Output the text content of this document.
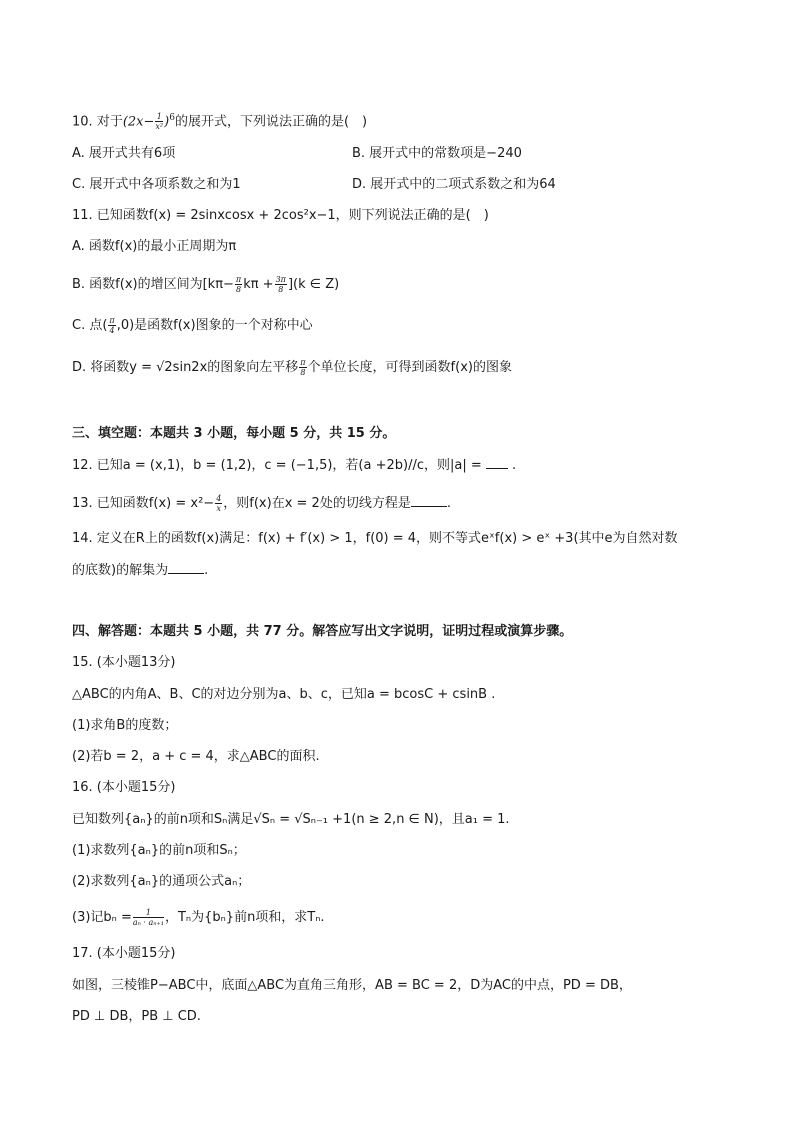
10. 对于$(2x- \frac{1}{\text{x²}} )^6$的展开式，下列说法正确的是(　)
A. 展开式共有6项	B. 展开式中的常数项是−240
C. 展开式中各项系数之和为1	D. 展开式中的二项式系数之和为64
11. 已知函数f(x) = 2sinxcosx + 2cos²x−1，则下列说法正确的是(　)
A. 函数f(x)的最小正周期为π
B. 函数f(x)的增区间为[$k\pi- \frac{\pi}{8}$ $k\pi + \frac{3\pi}{8} ](k$ ∈ Z)
C. 点( $\frac{\pi}{4} ,0$)是函数f(x)图象的一个对称中心
D. 将函数y = √2sin2x的图象向左平移 $\frac{\pi}{8}$ 个单位长度，可得到函数f(x)的图象
三、填空题：本题共 3 小题，每小题 5 分，共 15 分。
12. 已知a = (x,1)，b = (1,2)，c = (−1,5)，若(a +2b)//c，则|a| = .
13. 已知函数$f(x) = x^2- \frac{4}{x}$ ，则f(x)在x = 2处的切线方程是	.
14. 定义在R上的函数f(x)满足：f(x) + f′(x) > 1，f(0) = 4，则不等式eˣf(x) > eˣ +3(其中e为自然对数
的底数)的解集为	.
四、解答题：本题共 5 小题，共 77 分。解答应写出文字说明，证明过程或演算步骤。
15. (本小题13分)
△ABC的内角A、B、C的对边分别为a、b、c，已知a = bcosC + csinB .
(1)求角B的度数；
(2)若b = 2，a + c = 4，求△ABC的面积.
16. (本小题15分)
已知数列{aₙ}的前n项和Sₙ满足√Sₙ = √Sₙ₋₁ +1(n ≥ 2,n ∈ N)，且a₁ = 1.
(1)求数列{aₙ}的前n项和Sₙ；
(2)求数列{aₙ}的通项公式aₙ；
(3)记$b_n = \frac{1}{\text{aₙ · aₙ₊₁}}$ ，Tₙ为{bₙ}前n项和，求Tₙ.
17. (本小题15分)
如图，三棱锥P−ABC中，底面△ABC为直角三角形，AB = BC = 2，D为AC的中点，PD = DB，
PD ⊥ DB，PB ⊥ CD.
